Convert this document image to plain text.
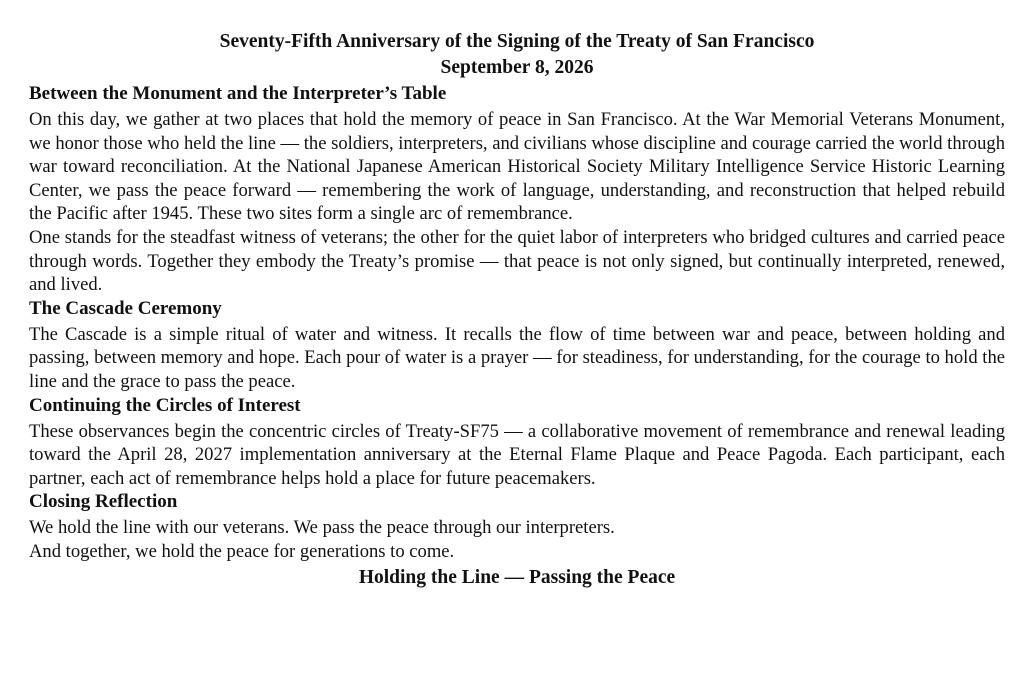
Seventy-Fifth Anniversary of the Signing of the Treaty of San Francisco
September 8, 2026
Between the Monument and the Interpreter’s Table

On this day, we gather at two places that hold the memory of peace in San Francisco. At the War Memorial Veterans Monument, we honor those who held the line — the soldiers, interpreters, and civilians whose discipline and courage carried the world through war toward reconciliation. At the National Japanese American Historical Society Military Intelligence Service Historic Learning Center, we pass the peace forward — remembering the work of language, understanding, and reconstruction that helped rebuild the Pacific after 1945. These two sites form a single arc of remembrance.

One stands for the steadfast witness of veterans; the other for the quiet labor of interpreters who bridged cultures and carried peace through words. Together they embody the Treaty’s promise — that peace is not only signed, but continually interpreted, renewed, and lived.

The Cascade Ceremony

The Cascade is a simple ritual of water and witness. It recalls the flow of time between war and peace, between holding and passing, between memory and hope. Each pour of water is a prayer — for steadiness, for understanding, for the courage to hold the line and the grace to pass the peace.

Continuing the Circles of Interest

These observances begin the concentric circles of Treaty-SF75 — a collaborative movement of remembrance and renewal leading toward the April 28, 2027 implementation anniversary at the Eternal Flame Plaque and Peace Pagoda. Each participant, each partner, each act of remembrance helps hold a place for future peacemakers.

Closing Reflection

We hold the line with our veterans. We pass the peace through our interpreters.

And together, we hold the peace for generations to come.

Holding the Line — Passing the Peace
